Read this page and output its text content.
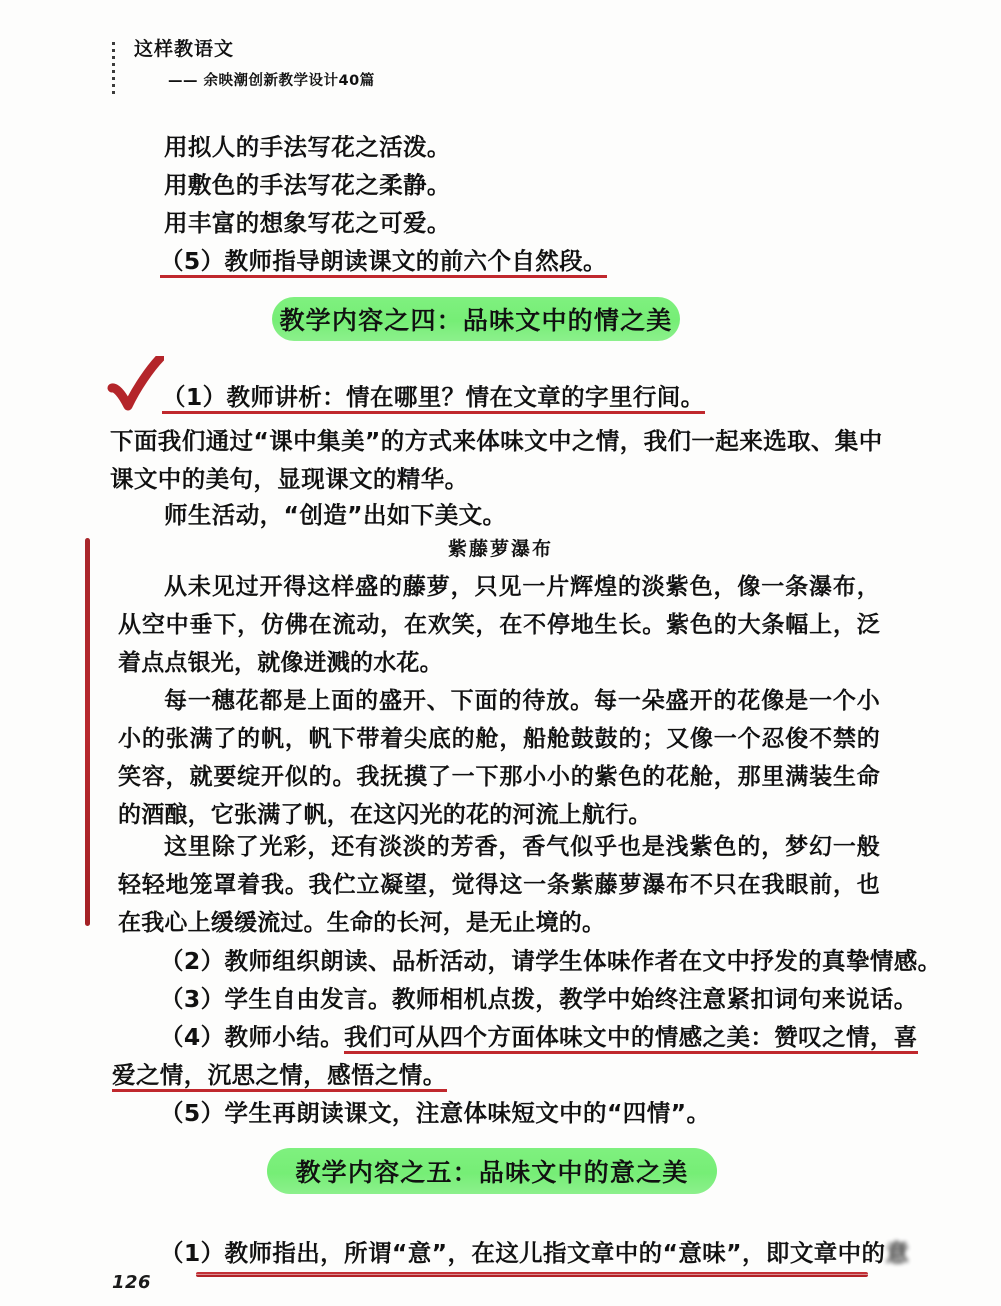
这样教语文
—— 余映潮创新教学设计40篇
用拟人的手法写花之活泼。
用敷色的手法写花之柔静。
用丰富的想象写花之可爱。
（5）教师指导朗读课文的前六个自然段。
教学内容之四：品味文中的情之美
（1）教师讲析：情在哪里？情在文章的字里行间。
下面我们通过“课中集美”的方式来体味文中之情，我们一起来选取、集中课文中的美句，显现课文的精华。
师生活动，“创造”出如下美文。
紫藤萝瀑布
从未见过开得这样盛的藤萝，只见一片辉煌的淡紫色，像一条瀑布，从空中垂下，仿佛在流动，在欢笑，在不停地生长。紫色的大条幅上，泛着点点银光，就像迸溅的水花。
每一穗花都是上面的盛开、下面的待放。每一朵盛开的花像是一个小小的张满了的帆，帆下带着尖底的舱，船舱鼓鼓的；又像一个忍俊不禁的笑容，就要绽开似的。我抚摸了一下那小小的紫色的花舱，那里满装生命的酒酿，它张满了帆，在这闪光的花的河流上航行。
这里除了光彩，还有淡淡的芳香，香气似乎也是浅紫色的，梦幻一般轻轻地笼罩着我。我伫立凝望，觉得这一条紫藤萝瀑布不只在我眼前，也在我心上缓缓流过。生命的长河，是无止境的。
（2）教师组织朗读、品析活动，请学生体味作者在文中抒发的真挚情感。
（3）学生自由发言。教师相机点拨，教学中始终注意紧扣词句来说话。
（4）教师小结。我们可从四个方面体味文中的情感之美：赞叹之情，喜
爱之情，沉思之情，感悟之情。
（5）学生再朗读课文，注意体味短文中的“四情”。
教学内容之五：品味文中的意之美
（1）教师指出，所谓“意”，在这儿指文章中的“意味”，即文章中的意
126
